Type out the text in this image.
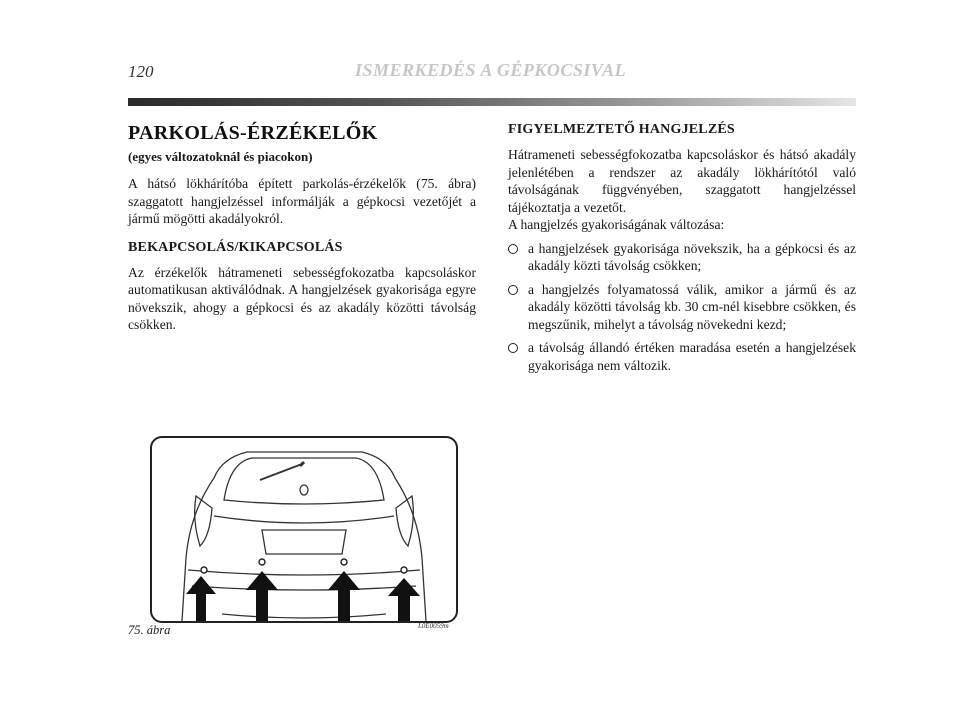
120	ISMERKEDÉS A GÉPKOCSIVAL
PARKOLÁS-ÉRZÉKELŐK
(egyes változatoknál és piacokon)

A hátsó lökhárítóba épített parkolás-érzékelők (75. ábra) szaggatott hangjelzéssel informálják a gépkocsi vezetőjét a jármű mögötti akadályokról.

BEKAPCSOLÁS/KIKAPCSOLÁS

Az érzékelők hátrameneti sebességfokozatba kapcsoláskor automatikusan aktiválódnak. A hangjelzések gyakorisága egyre növekszik, ahogy a gépkocsi és az akadály közötti távolság csökken.

FIGYELMEZTETŐ HANGJELZÉS

Hátrameneti sebességfokozatba kapcsoláskor és hátsó akadály jelenlétében a rendszer az akadály lökhárítótól való távolságának függvényében, szaggatott hangjelzéssel tájékoztatja a vezetőt.

A hangjelzés gyakoriságának változása:

a hangjelzések gyakorisága növekszik, ha a gépkocsi és az akadály közti távolság csökken;
a hangjelzés folyamatossá válik, amikor a jármű és az akadály közötti távolság kb. 30 cm-nél kisebbre csökken, és megszűnik, mihelyt a távolság növekedni kezd;
a távolság állandó értéken maradása esetén a hangjelzések gyakorisága nem változik.
75. ábra	L0E0059m
